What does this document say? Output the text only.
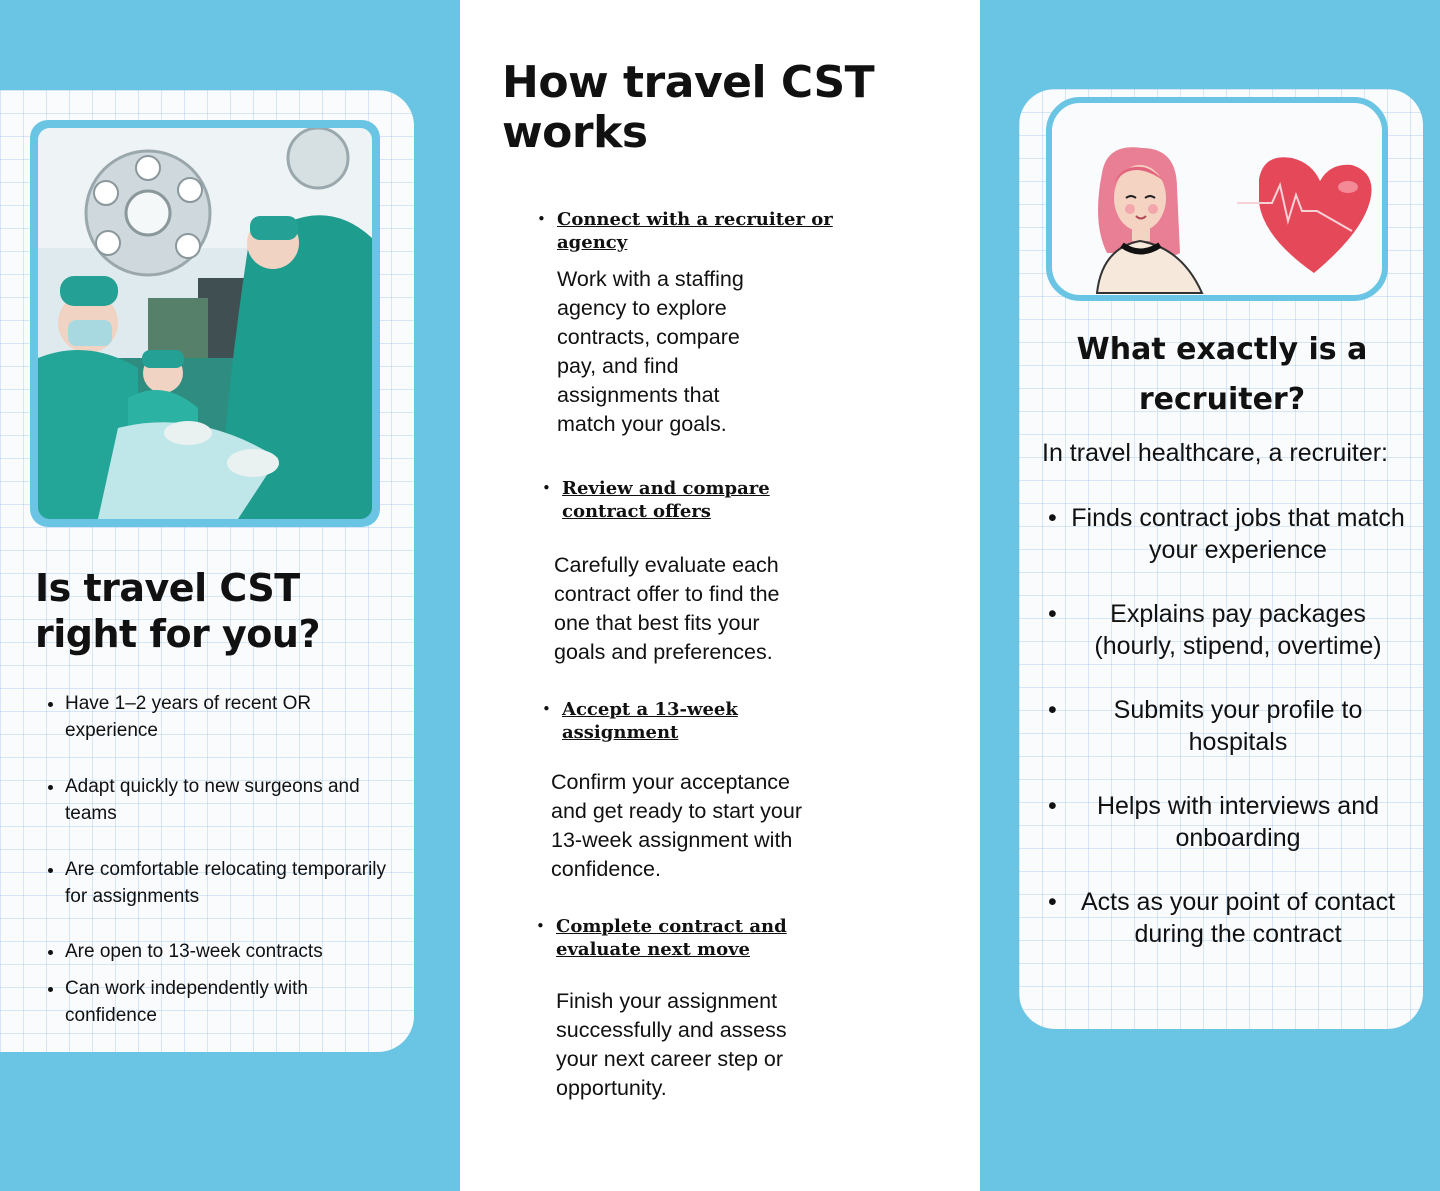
Is travel CST right for you?
• Have 1–2 years of recent OR experience
• Adapt quickly to new surgeons and teams
• Are comfortable relocating temporarily for assignments
• Are open to 13-week contracts
• Can work independently with confidence
How travel CST works

• Connect with a recruiter or agency

Work with a staffing agency to explore contracts, compare pay, and find assignments that match your goals.

• Review and compare contract offers

Carefully evaluate each contract offer to find the one that best fits your goals and preferences.

• Accept a 13-week assignment

Confirm your acceptance and get ready to start your 13-week assignment with confidence.

• Complete contract and evaluate next move

Finish your assignment successfully and assess your next career step or opportunity.

What exactly is a recruiter?

In travel healthcare, a recruiter:

• Finds contract jobs that match your experience
• Explains pay packages (hourly, stipend, overtime)
• Submits your profile to hospitals
• Helps with interviews and onboarding
• Acts as your point of contact during the contract
